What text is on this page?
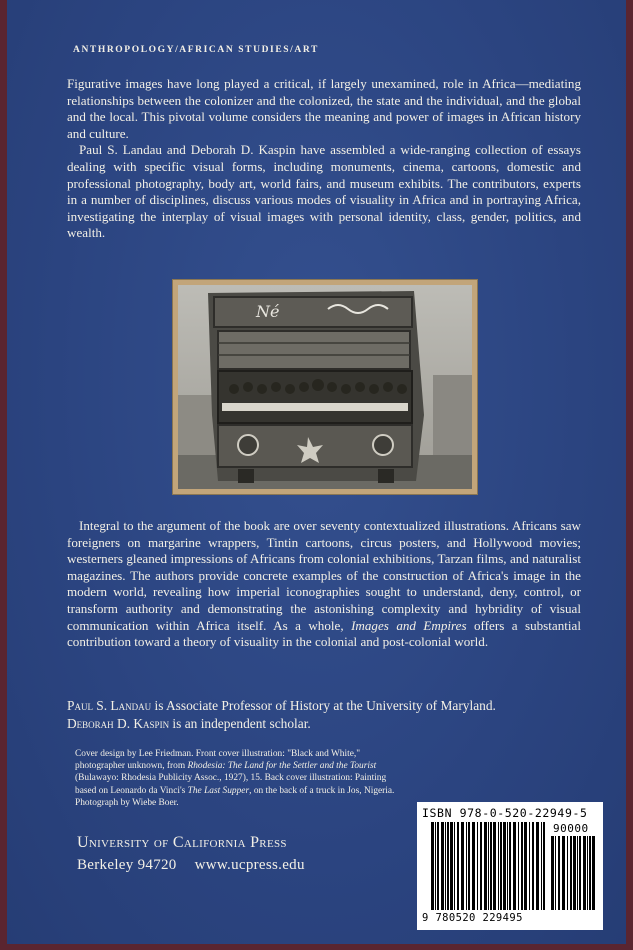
ANTHROPOLOGY/AFRICAN STUDIES/ART

Figurative images have long played a critical, if largely unexamined, role in Africa—mediating relationships between the colonizer and the colonized, the state and the individual, and the global and the local. This pivotal volume considers the meaning and power of images in African history and culture.

Paul S. Landau and Deborah D. Kaspin have assembled a wide-ranging collection of essays dealing with specific visual forms, including monuments, cinema, cartoons, domestic and professional photography, body art, world fairs, and museum exhibits. The contributors, experts in a number of disciplines, discuss various modes of visuality in Africa and in portraying Africa, investigating the interplay of visual images with personal identity, class, gender, politics, and wealth.

Né

Integral to the argument of the book are over seventy contextualized illustrations. Africans saw foreigners on margarine wrappers, Tintin cartoons, circus posters, and Hollywood movies; westerners gleaned impressions of Africans from colonial exhibitions, Tarzan films, and naturalist magazines. The authors provide concrete examples of the construction of Africa's image in the modern world, revealing how imperial iconographies sought to understand, deny, control, or transform authority and demonstrating the astonishing complexity and hybridity of visual communication within Africa itself. As a whole, Images and Empires offers a substantial contribution toward a theory of visuality in the colonial and post-colonial world.

Paul S. Landau is Associate Professor of History at the University of Maryland.
Deborah D. Kaspin is an independent scholar.

Cover design by Lee Friedman. Front cover illustration: "Black and White," photographer unknown, from Rhodesia: The Land for the Settler and the Tourist (Bulawayo: Rhodesia Publicity Assoc., 1927), 15. Back cover illustration: Painting based on Leonardo da Vinci's The Last Supper, on the back of a truck in Jos, Nigeria. Photograph by Wiebe Boer.

University of California Press
Berkeley 94720 www.ucpress.edu
ISBN 978-0-520-22949-5
90000
9 780520 229495
